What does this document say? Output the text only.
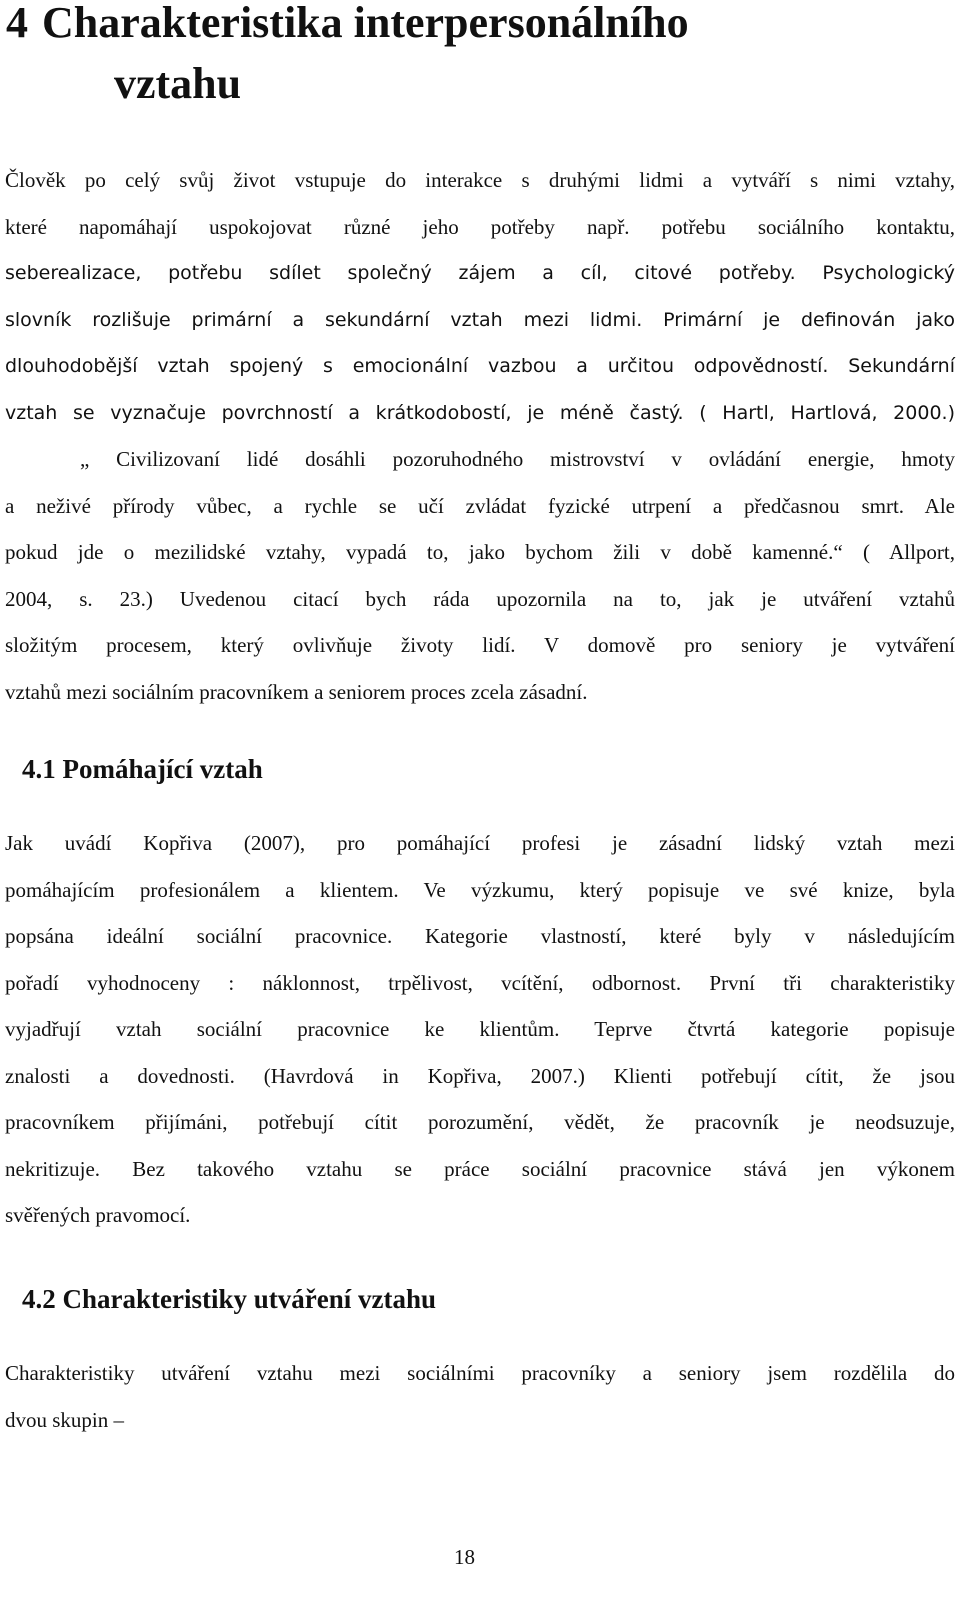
4 Charakteristika interpersonálního
vztahu

Člověk po celý svůj život vstupuje do interakce s druhými lidmi a vytváří s nimi vztahy,
které napomáhají uspokojovat různé jeho potřeby např. potřebu sociálního kontaktu,
seberealizace, potřebu sdílet společný zájem a cíl, citové potřeby. Psychologický
slovník rozlišuje primární a sekundární vztah mezi lidmi. Primární je definován jako
dlouhodobější vztah spojený s emocionální vazbou a určitou odpovědností. Sekundární
vztah se vyznačuje povrchností a krátkodobostí, je méně častý. ( Hartl, Hartlová, 2000.)
„ Civilizovaní lidé dosáhli pozoruhodného mistrovství v ovládání energie, hmoty
a neživé přírody vůbec, a rychle se učí zvládat fyzické utrpení a předčasnou smrt. Ale
pokud jde o mezilidské vztahy, vypadá to, jako bychom žili v době kamenné.“ ( Allport,
2004, s. 23.) Uvedenou citací bych ráda upozornila na to, jak je utváření vztahů
složitým procesem, který ovlivňuje životy lidí. V domově pro seniory je vytváření
vztahů mezi sociálním pracovníkem a seniorem proces zcela zásadní.

4.1 Pomáhající vztah

Jak uvádí Kopřiva (2007), pro pomáhající profesi je zásadní lidský vztah mezi
pomáhajícím profesionálem a klientem. Ve výzkumu, který popisuje ve své knize, byla
popsána ideální sociální pracovnice. Kategorie vlastností, které byly v následujícím
pořadí vyhodnoceny : náklonnost, trpělivost, vcítění, odbornost. První tři charakteristiky
vyjadřují vztah sociální pracovnice ke klientům. Teprve čtvrtá kategorie popisuje
znalosti a dovednosti. (Havrdová in Kopřiva, 2007.) Klienti potřebují cítit, že jsou
pracovníkem přijímáni, potřebují cítit porozumění, vědět, že pracovník je neodsuzuje,
nekritizuje. Bez takového vztahu se práce sociální pracovnice stává jen výkonem
svěřených pravomocí.

4.2 Charakteristiky utváření vztahu

Charakteristiky utváření vztahu mezi sociálními pracovníky a seniory jsem rozdělila do
dvou skupin –

18
